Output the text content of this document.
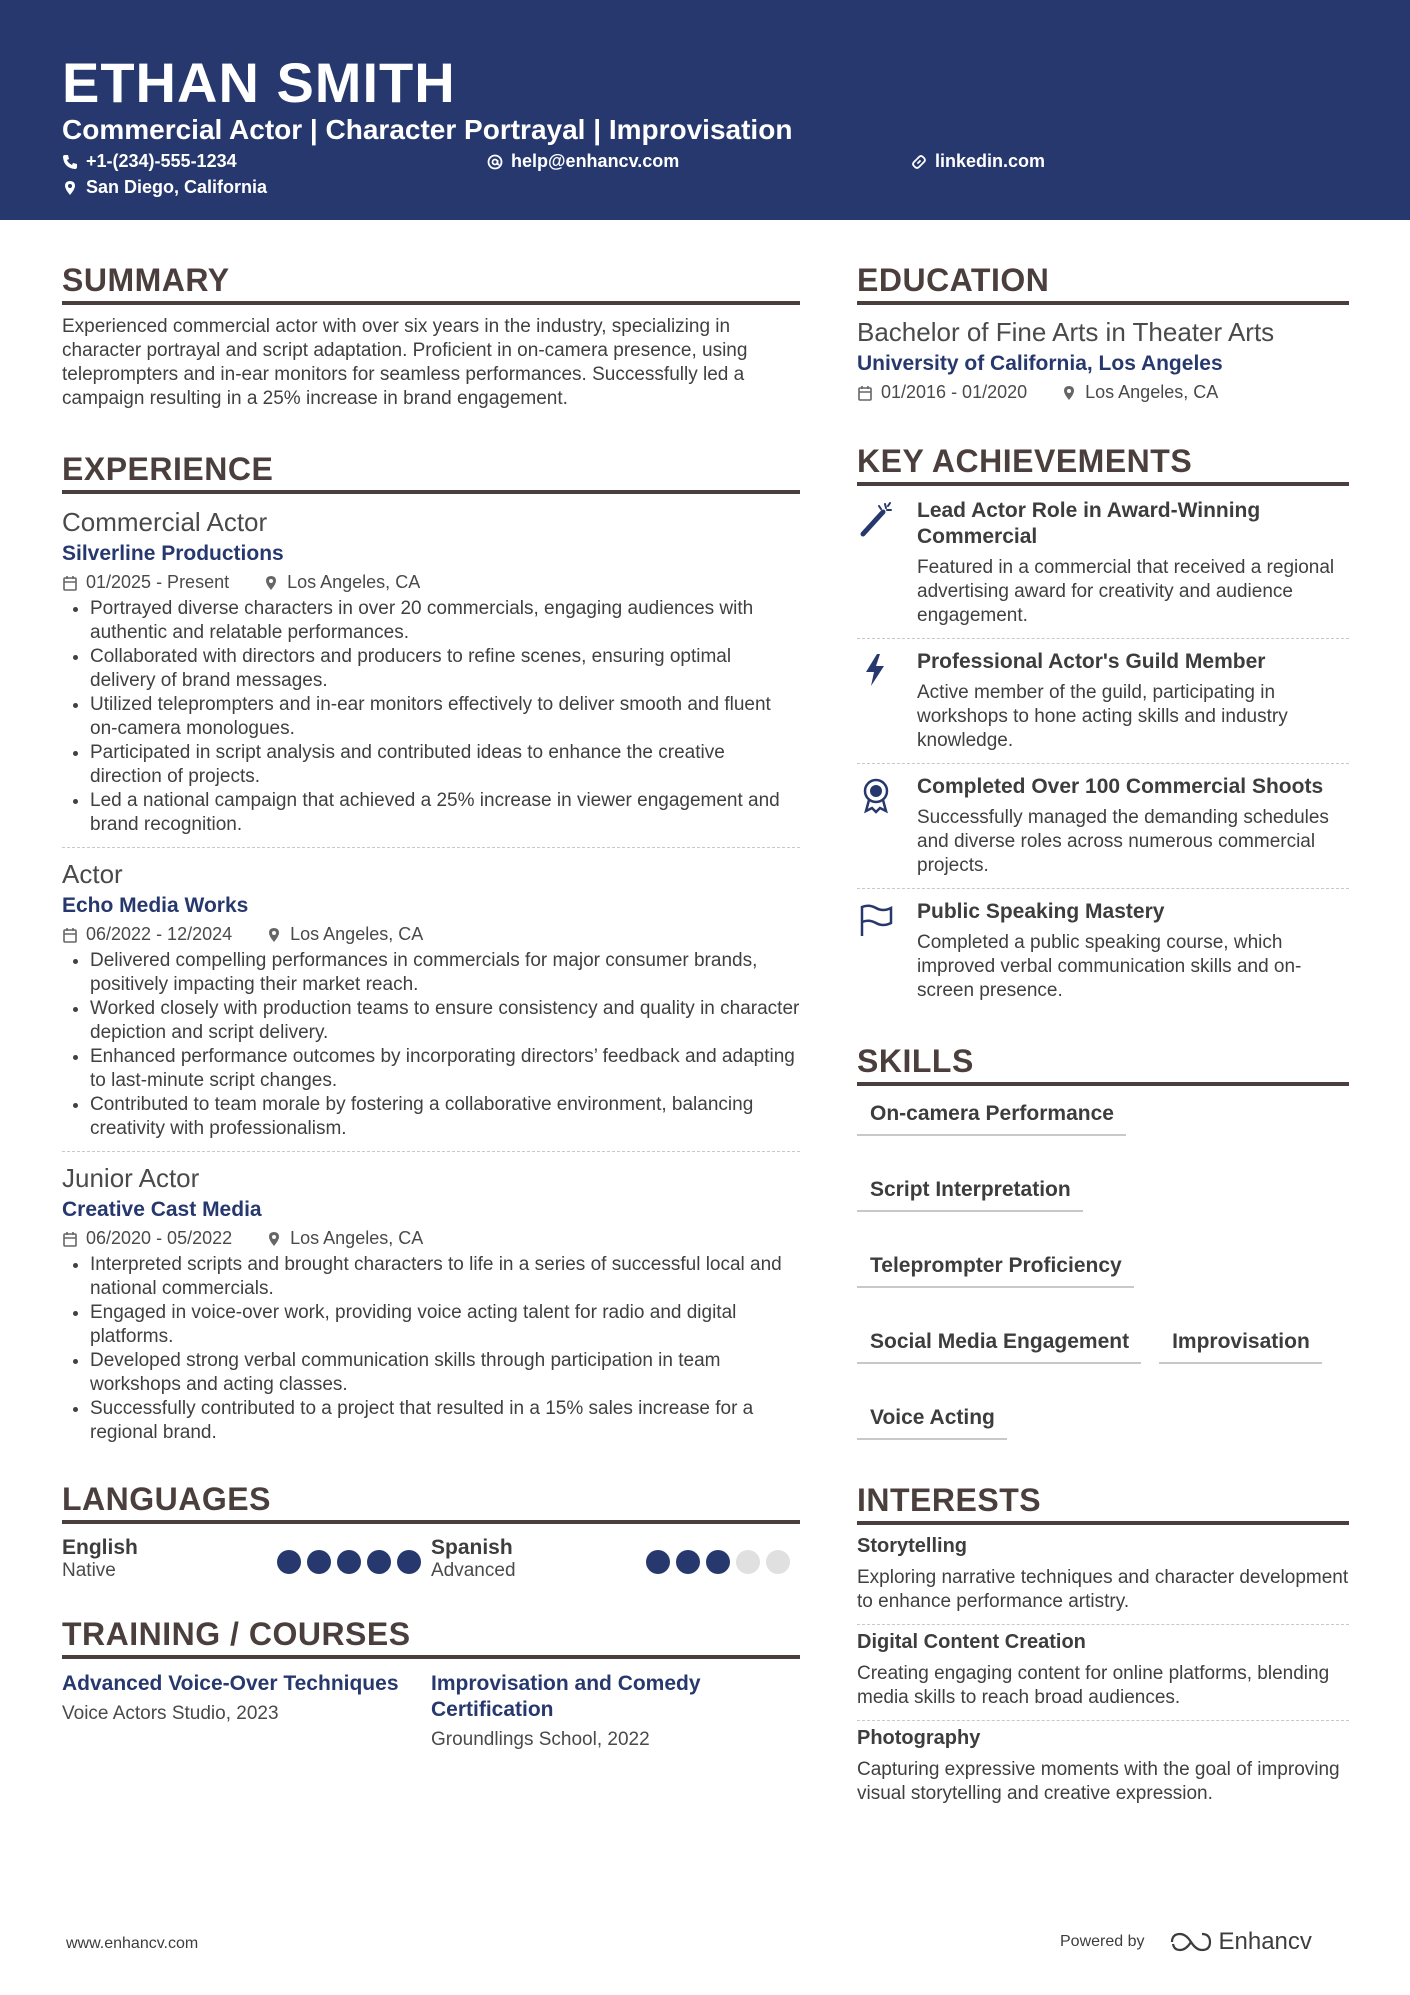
ETHAN SMITH
Commercial Actor | Character Portrayal | Improvisation
+1-(234)-555-1234	help@enhancv.com	linkedin.com
San Diego, California
SUMMARY
Experienced commercial actor with over six years in the industry, specializing in character portrayal and script adaptation. Proficient in on-camera presence, using teleprompters and in-ear monitors for seamless performances. Successfully led a campaign resulting in a 25% increase in brand engagement.
EXPERIENCE
Commercial Actor
Silverline Productions
01/2025 - Present	Los Angeles, CA
• Portrayed diverse characters in over 20 commercials, engaging audiences with authentic and relatable performances.
• Collaborated with directors and producers to refine scenes, ensuring optimal delivery of brand messages.
• Utilized teleprompters and in-ear monitors effectively to deliver smooth and fluent on-camera monologues.
• Participated in script analysis and contributed ideas to enhance the creative direction of projects.
• Led a national campaign that achieved a 25% increase in viewer engagement and brand recognition.
Actor
Echo Media Works
06/2022 - 12/2024	Los Angeles, CA
• Delivered compelling performances in commercials for major consumer brands, positively impacting their market reach.
• Worked closely with production teams to ensure consistency and quality in character depiction and script delivery.
• Enhanced performance outcomes by incorporating directors’ feedback and adapting to last-minute script changes.
• Contributed to team morale by fostering a collaborative environment, balancing creativity with professionalism.
Junior Actor
Creative Cast Media
06/2020 - 05/2022	Los Angeles, CA
• Interpreted scripts and brought characters to life in a series of successful local and national commercials.
• Engaged in voice-over work, providing voice acting talent for radio and digital platforms.
• Developed strong verbal communication skills through participation in team workshops and acting classes.
• Successfully contributed to a project that resulted in a 15% sales increase for a regional brand.
LANGUAGES
English
Native
Spanish
Advanced
TRAINING / COURSES
Advanced Voice-Over Techniques
Voice Actors Studio, 2023
Improvisation and Comedy Certification
Groundlings School, 2022
EDUCATION
Bachelor of Fine Arts in Theater Arts
University of California, Los Angeles
01/2016 - 01/2020	Los Angeles, CA
KEY ACHIEVEMENTS
Lead Actor Role in Award-Winning Commercial
Featured in a commercial that received a regional advertising award for creativity and audience engagement.
Professional Actor's Guild Member
Active member of the guild, participating in workshops to hone acting skills and industry knowledge.
Completed Over 100 Commercial Shoots
Successfully managed the demanding schedules and diverse roles across numerous commercial projects.
Public Speaking Mastery
Completed a public speaking course, which improved verbal communication skills and on-screen presence.
SKILLS
On-camera Performance
Script Interpretation
Teleprompter Proficiency
Social Media Engagement	Improvisation
Voice Acting
INTERESTS
Storytelling
Exploring narrative techniques and character development to enhance performance artistry.
Digital Content Creation
Creating engaging content for online platforms, blending media skills to reach broad audiences.
Photography
Capturing expressive moments with the goal of improving visual storytelling and creative expression.
www.enhancv.com	Powered by	Enhancv
